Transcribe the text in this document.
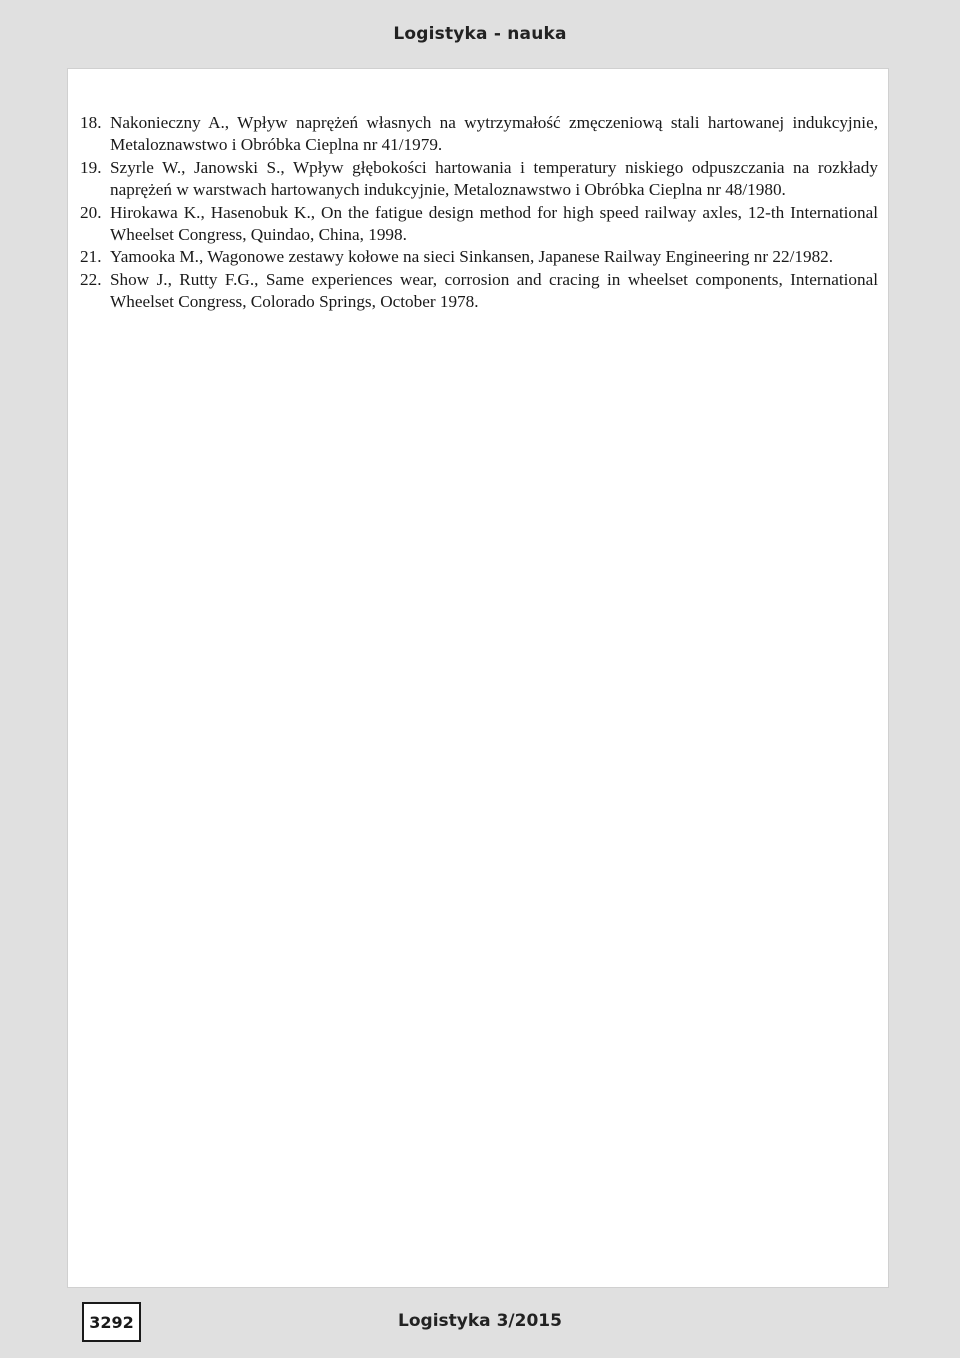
Logistyka - nauka
18. Nakonieczny A., Wpływ naprężeń własnych na wytrzymałość zmęczeniową stali hartowanej indukcyjnie, Metaloznawstwo i Obróbka Cieplna nr 41/1979.
19. Szyrle W., Janowski S., Wpływ głębokości hartowania i temperatury niskiego odpuszczania na rozkłady naprężeń w warstwach hartowanych indukcyjnie, Metaloznawstwo i Obróbka Cieplna nr 48/1980.
20. Hirokawa K., Hasenobuk K., On the fatigue design method for high speed railway axles, 12-th International Wheelset Congress, Quindao, China, 1998.
21. Yamooka M., Wagonowe zestawy kołowe na sieci Sinkansen, Japanese Railway Engineering nr 22/1982.
22. Show J., Rutty F.G., Same experiences wear, corrosion and cracing in wheelset components, International Wheelset Congress, Colorado Springs, October 1978.
3292	Logistyka 3/2015
